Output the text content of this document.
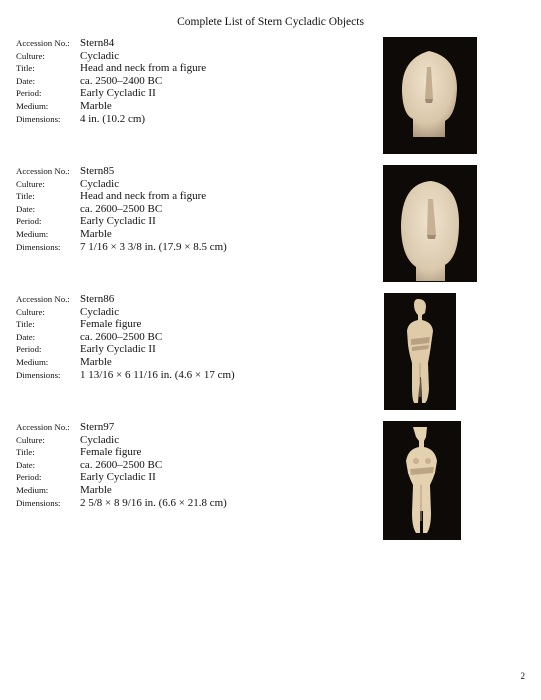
Complete List of Stern Cycladic Objects
Accession No.: Stern84
Culture:	Cycladic
Title:	Head and neck from a figure
Date:	ca. 2500–2400 BC
Period:	Early Cycladic II
Medium:	Marble
Dimensions:	4 in. (10.2 cm)
Accession No.: Stern85
Culture:	Cycladic
Title:	Head and neck from a figure
Date:	ca. 2600–2500 BC
Period:	Early Cycladic II
Medium:	Marble
Dimensions:	7 1/16 × 3 3/8 in. (17.9 × 8.5 cm)
Accession No.: Stern86
Culture:	Cycladic
Title:	Female figure
Date:	ca. 2600–2500 BC
Period:	Early Cycladic II
Medium:	Marble
Dimensions:	1 13/16 × 6 11/16 in. (4.6 × 17 cm)
Accession No.: Stern97
Culture:	Cycladic
Title:	Female figure
Date:	ca. 2600–2500 BC
Period:	Early Cycladic II
Medium:	Marble
Dimensions:	2 5/8 × 8 9/16 in. (6.6 × 21.8 cm)
2
